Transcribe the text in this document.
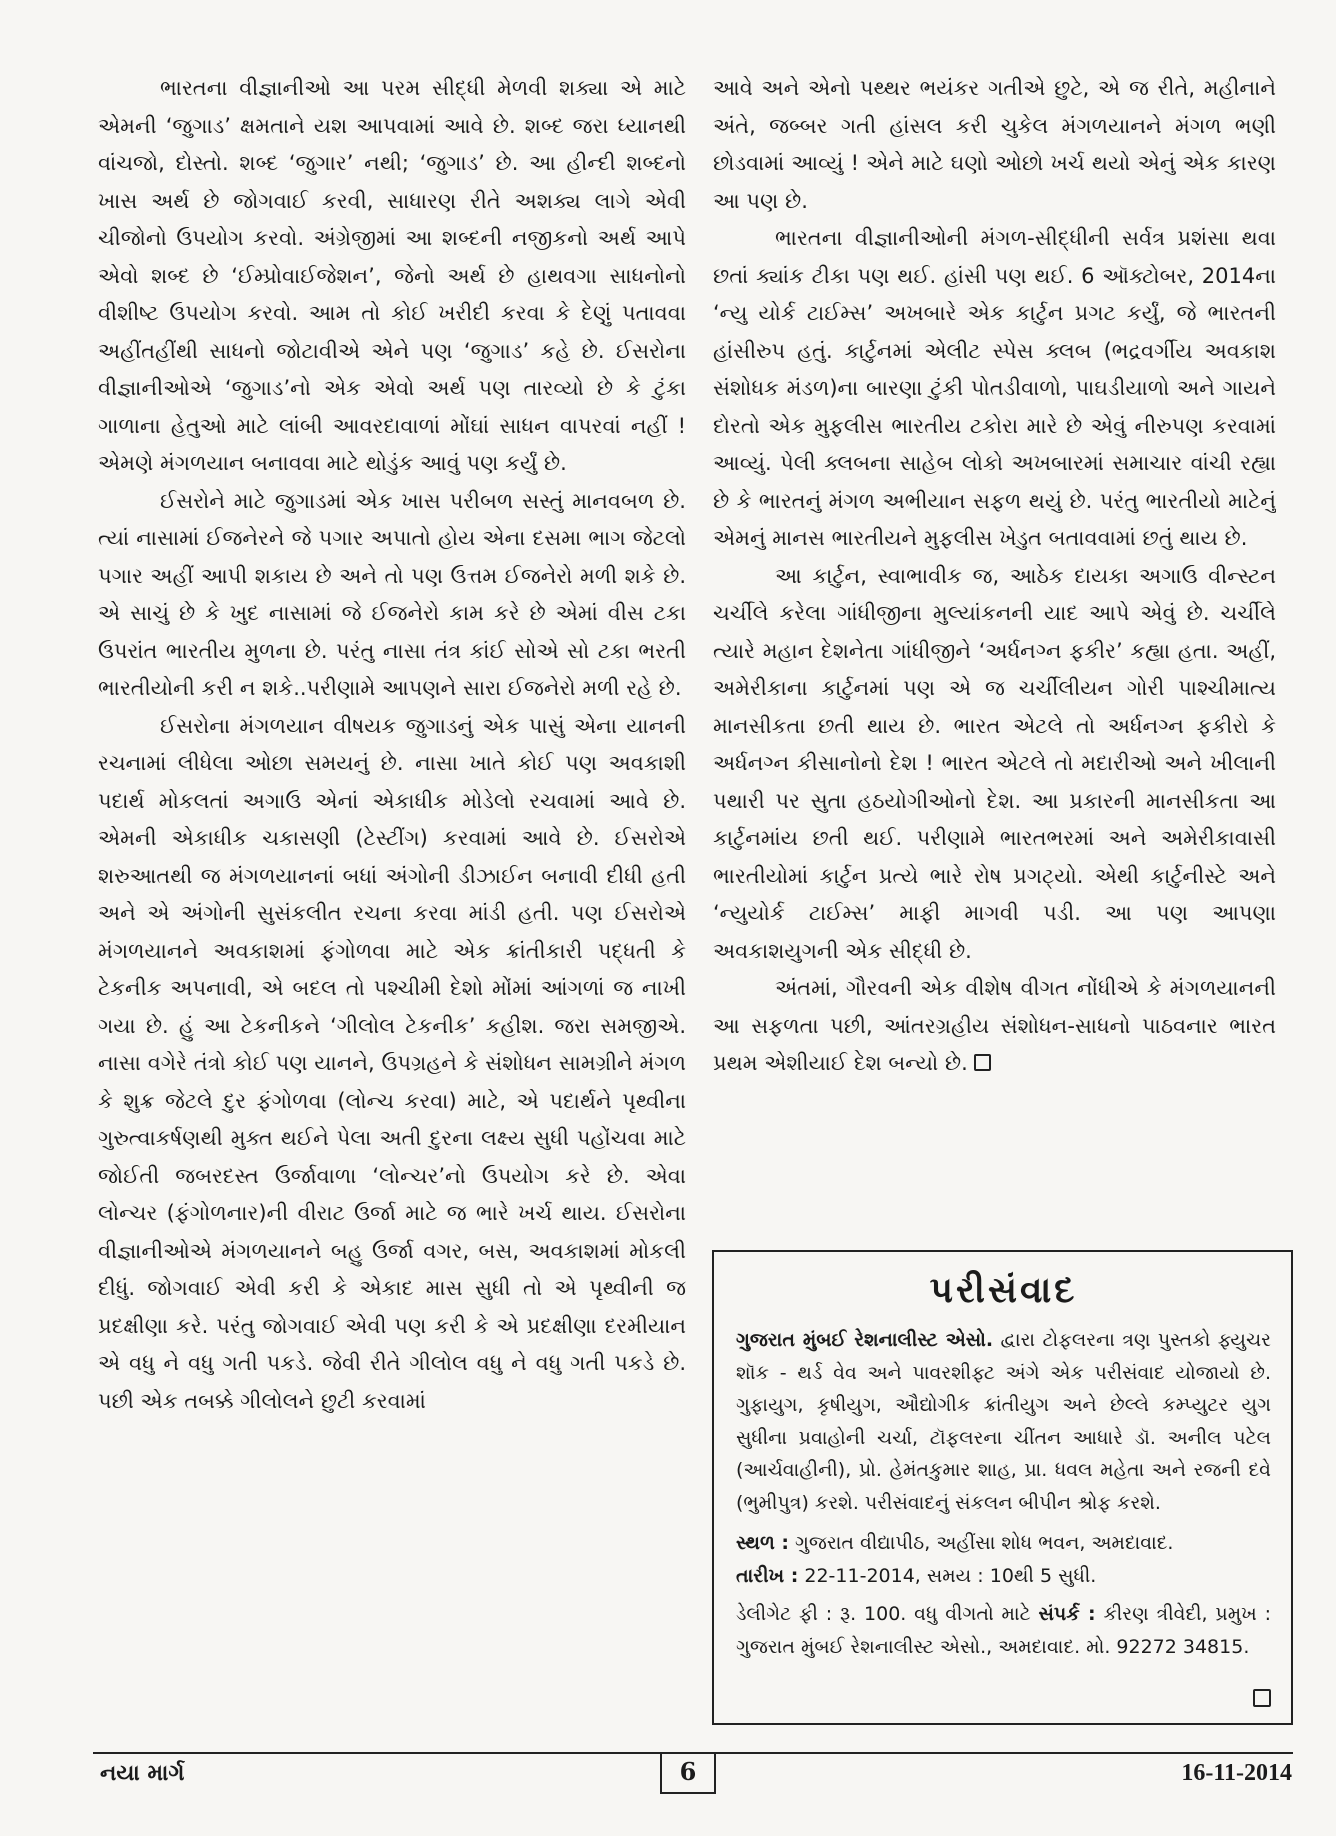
ભારતના વીજ્ઞાનીઓ આ પરમ સીદ્ધી મેળવી શક્યા એ માટે એમની ‘જુગાડ’ ક્ષમતાને યશ આપવામાં આવે છે. શબ્દ જરા ધ્યાનથી વાંચજો, દોસ્તો. શબ્દ ‘જુગાર’ નથી; ‘જુગાડ’ છે. આ હીન્દી શબ્દનો ખાસ અર્થ છે જોગવાઈ કરવી, સાધારણ રીતે અશક્ય લાગે એવી ચીજોનો ઉપયોગ કરવો. અંગ્રેજીમાં આ શબ્દની નજીકનો અર્થ આપે એવો શબ્દ છે ‘ઈમ્પ્રોવાઈજેશન’, જેનો અર્થ છે હાથવગા સાધનોનો વીશીષ્ટ ઉપયોગ કરવો. આમ તો કોઈ ખરીદી કરવા કે દેણું પતાવવા અહીંતહીંથી સાધનો જોટાવીએ એને પણ ‘જુગાડ’ કહે છે. ઈસરોના વીજ્ઞાનીઓએ ‘જુગાડ’નો એક એવો અર્થ પણ તારવ્યો છે કે ટુંકા ગાળાના હેતુઓ માટે લાંબી આવરદાવાળાં મોંઘાં સાધન વાપરવાં નહીં ! એમણે મંગળયાન બનાવવા માટે થોડુંક આવું પણ કર્યું છે.

ઈસરોને માટે જુગાડમાં એક ખાસ પરીબળ સસ્તું માનવબળ છે. ત્યાં નાસામાં ઈજનેરને જે પગાર અપાતો હોય એના દસમા ભાગ જેટલો પગાર અહીં આપી શકાય છે અને તો પણ ઉત્તમ ઈજનેરો મળી શકે છે. એ સાચું છે કે ખુદ નાસામાં જે ઈજનેરો કામ કરે છે એમાં વીસ ટકા ઉપરાંત ભારતીય મુળના છે. પરંતુ નાસા તંત્ર કાંઈ સોએ સો ટકા ભરતી ભારતીયોની કરી ન શકે..પરીણામે આપણને સારા ઈજનેરો મળી રહે છે.

ઈસરોના મંગળયાન વીષયક જુગાડનું એક પાસું એના યાનની રચનામાં લીધેલા ઓછા સમયનું છે. નાસા ખાતે કોઈ પણ અવકાશી પદાર્થ મોકલતાં અગાઉ એનાં એકાધીક મોડેલો રચવામાં આવે છે. એમની એકાધીક ચકાસણી (ટેસ્ટીંગ) કરવામાં આવે છે. ઈસરોએ શરુઆતથી જ મંગળયાનનાં બધાં અંગોની ડીઝાઈન બનાવી દીધી હતી અને એ અંગોની સુસંકલીત રચના કરવા માંડી હતી. પણ ઈસરોએ મંગળયાનને અવકાશમાં ફંગોળવા માટે એક ક્રાંતીકારી પદ્ધતી કે ટેકનીક અપનાવી, એ બદલ તો પશ્ચીમી દેશો મોંમાં આંગળાં જ નાખી ગયા છે. હું આ ટેકનીકને ‘ગીલોલ ટેકનીક’ કહીશ. જરા સમજીએ. નાસા વગેરે તંત્રો કોઈ પણ યાનને, ઉપગ્રહને કે સંશોધન સામગ્રીને મંગળ કે શુક્ર જેટલે દુર ફંગોળવા (લોન્ચ કરવા) માટે, એ પદાર્થને પૃથ્વીના ગુરુત્વાકર્ષણથી મુક્ત થઈને પેલા અતી દુરના લક્ષ્ય સુધી પહોંચવા માટે જોઈતી જબરદસ્ત ઉર્જાવાળા ‘લોન્ચર’નો ઉપયોગ કરે છે. એવા લોન્ચર (ફંગોળનાર)ની વીરાટ ઉર્જા માટે જ ભારે ખર્ચ થાય. ઈસરોના વીજ્ઞાનીઓએ મંગળયાનને બહુ ઉર્જા વગર, બસ, અવકાશમાં મોકલી દીધું. જોગવાઈ એવી કરી કે એકાદ માસ સુધી તો એ પૃથ્વીની જ પ્રદક્ષીણા કરે. પરંતુ જોગવાઈ એવી પણ કરી કે એ પ્રદક્ષીણા દરમીયાન એ વધુ ને વધુ ગતી પકડે. જેવી રીતે ગીલોલ વધુ ને વધુ ગતી પકડે છે. પછી એક તબક્કે ગીલોલને છુટી કરવામાં

આવે અને એનો પથ્થર ભયંકર ગતીએ છુટે, એ જ રીતે, મહીનાને અંતે, જબ્બર ગતી હાંસલ કરી ચુકેલ મંગળયાનને મંગળ ભણી છોડવામાં આવ્યું ! એને માટે ઘણો ઓછો ખર્ચ થયો એનું એક કારણ આ પણ છે.

ભારતના વીજ્ઞાનીઓની મંગળ-સીદ્ધીની સર્વત્ર પ્રશંસા થવા છતાં ક્યાંક ટીકા પણ થઈ. હાંસી પણ થઈ. 6 ઑક્ટોબર, 2014ના ‘ન્યુ યોર્ક ટાઈમ્સ’ અખબારે એક કાર્ટુન પ્રગટ કર્યું, જે ભારતની હાંસીરુપ હતું. કાર્ટુનમાં એલીટ સ્પેસ ક્લબ (ભદ્રવર્ગીય અવકાશ સંશોધક મંડળ)ના બારણા ટુંકી પોતડીવાળો, પાઘડીયાળો અને ગાયને દોરતો એક મુફલીસ ભારતીય ટકોરા મારે છે એવું નીરુપણ કરવામાં આવ્યું. પેલી ક્લબના સાહેબ લોકો અખબારમાં સમાચાર વાંચી રહ્યા છે કે ભારતનું મંગળ અભીયાન સફળ થયું છે. પરંતુ ભારતીયો માટેનું એમનું માનસ ભારતીયને મુફલીસ ખેડુત બતાવવામાં છતું થાય છે.

આ કાર્ટુન, સ્વાભાવીક જ, આઠેક દાયકા અગાઉ વીન્સ્ટન ચર્ચીલે કરેલા ગાંધીજીના મુલ્યાંકનની યાદ આપે એવું છે. ચર્ચીલે ત્યારે મહાન દેશનેતા ગાંધીજીને ‘અર્ધનગ્ન ફકીર’ કહ્યા હતા. અહીં, અમેરીકાના કાર્ટુનમાં પણ એ જ ચર્ચીલીયન ગોરી પાશ્ચીમાત્ય માનસીકતા છતી થાય છે. ભારત એટલે તો અર્ધનગ્ન ફકીરો કે અર્ધનગ્ન કીસાનોનો દેશ ! ભારત એટલે તો મદારીઓ અને ખીલાની પથારી પર સુતા હઠયોગીઓનો દેશ. આ પ્રકારની માનસીકતા આ કાર્ટુનમાંય છતી થઈ. પરીણામે ભારતભરમાં અને અમેરીકાવાસી ભારતીયોમાં કાર્ટુન પ્રત્યે ભારે રોષ પ્રગટ્યો. એથી કાર્ટુનીસ્ટે અને ‘ન્યુયોર્ક ટાઈમ્સ’ માફી માગવી પડી. આ પણ આપણા અવકાશયુગની એક સીદ્ધી છે.

અંતમાં, ગૌરવની એક વીશેષ વીગત નોંધીએ કે મંગળયાનની આ સફળતા પછી, આંતરગ્રહીય સંશોધન-સાધનો પાઠવનાર ભારત પ્રથમ એશીયાઈ દેશ બન્યો છે.

પરીસંવાદ

ગુજરાત મુંબઈ રેશનાલીસ્ટ એસો. દ્વારા ટોફલરના ત્રણ પુસ્તકો ફ્યુચર શૉક - થર્ડ વેવ અને પાવરશીફ્ટ અંગે એક પરીસંવાદ યોજાયો છે. ગુફાયુગ, કૃષીયુગ, ઔદ્યોગીક ક્રાંતીયુગ અને છેલ્લે કમ્પ્યુટર યુગ સુધીના પ્રવાહોની ચર્ચા, ટૉફલરના ચીંતન આધારે ડૉ. અનીલ પટેલ (આર્ચવાહીની), પ્રો. હેમંતકુમાર શાહ, પ્રા. ધવલ મહેતા અને રજની દવે (ભુમીપુત્ર) કરશે. પરીસંવાદનું સંકલન બીપીન શ્રોફ કરશે.

સ્થળ : ગુજરાત વીદ્યાપીઠ, અહીંસા શોધ ભવન, અમદાવાદ.

તારીખ : 22-11-2014, સમય : 10થી 5 સુધી.

ડેલીગેટ ફી : રૂ. 100. વધુ વીગતો માટે સંપર્ક : કીરણ ત્રીવેદી, પ્રમુખ : ગુજરાત મુંબઈ રેશનાલીસ્ટ એસો., અમદાવાદ. મો. 92272 34815.

નયા માર્ગ	6	16-11-2014
